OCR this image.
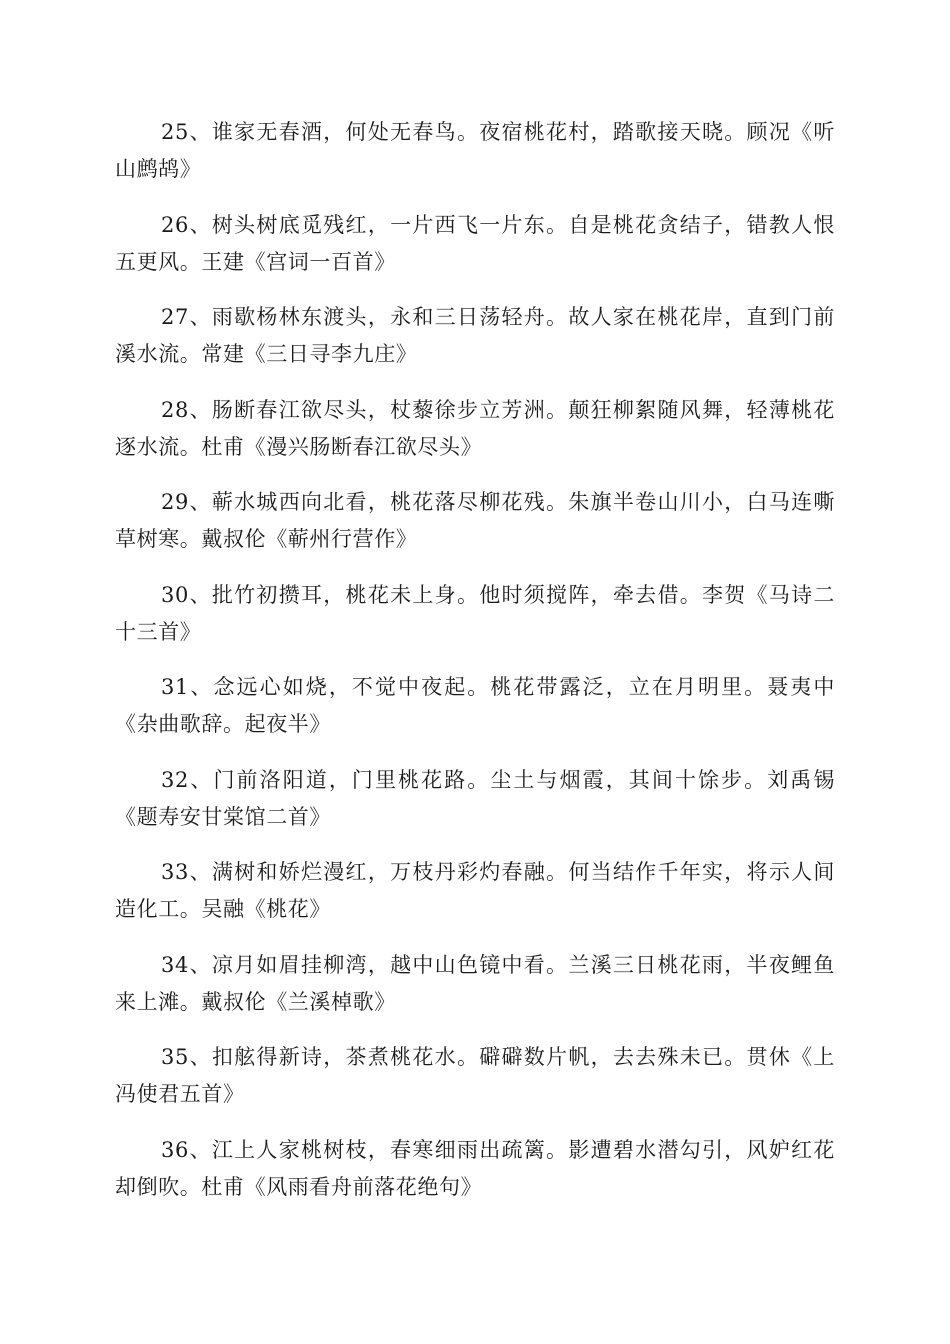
25、谁家无春酒，何处无春鸟。夜宿桃花村，踏歌接天晓。顾况《听山鹧鸪》

26、树头树底觅残红，一片西飞一片东。自是桃花贪结子，错教人恨五更风。王建《宫词一百首》

27、雨歇杨林东渡头，永和三日荡轻舟。故人家在桃花岸，直到门前溪水流。常建《三日寻李九庄》

28、肠断春江欲尽头，杖藜徐步立芳洲。颠狂柳絮随风舞，轻薄桃花逐水流。杜甫《漫兴肠断春江欲尽头》

29、蕲水城西向北看，桃花落尽柳花残。朱旗半卷山川小，白马连嘶草树寒。戴叔伦《蕲州行营作》

30、批竹初攒耳，桃花未上身。他时须搅阵，牵去借。李贺《马诗二十三首》

31、念远心如烧，不觉中夜起。桃花带露泛，立在月明里。聂夷中《杂曲歌辞。起夜半》

32、门前洛阳道，门里桃花路。尘土与烟霞，其间十馀步。刘禹锡《题寿安甘棠馆二首》

33、满树和娇烂漫红，万枝丹彩灼春融。何当结作千年实，将示人间造化工。吴融《桃花》

34、凉月如眉挂柳湾，越中山色镜中看。兰溪三日桃花雨，半夜鲤鱼来上滩。戴叔伦《兰溪棹歌》

35、扣舷得新诗，茶煮桃花水。礔礔数片帆，去去殊未已。贯休《上冯使君五首》

36、江上人家桃树枝，春寒细雨出疏篱。影遭碧水潜勾引，风妒红花却倒吹。杜甫《风雨看舟前落花绝句》
